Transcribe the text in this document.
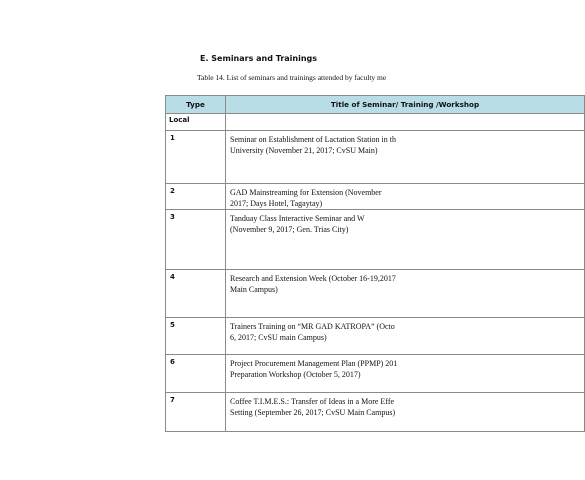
E. Seminars and Trainings
Table 14. List of seminars and trainings attended by faculty me
Type	Title of Seminar/ Training /Workshop
Local	
1	Seminar on Establishment of Lactation Station in th
University (November 21, 2017; CvSU Main)

2	GAD Mainstreaming for Extension (November
2017; Days Hotel, Tagaytay)

3	Tanduay Class Interactive Seminar and W
(November 9, 2017; Gen. Trias City)

4	Research and Extension Week (October 16-19,2017
Main Campus)

5	Trainers Training on “MR GAD KATROPA” (Octo
6, 2017; CvSU main Campus)

6	Project Procurement Management Plan (PPMP) 201
Preparation Workshop (October 5, 2017)

7	Coffee T.I.M.E.S.: Transfer of Ideas in a More Effe
Setting (September 26, 2017; CvSU Main Campus)
